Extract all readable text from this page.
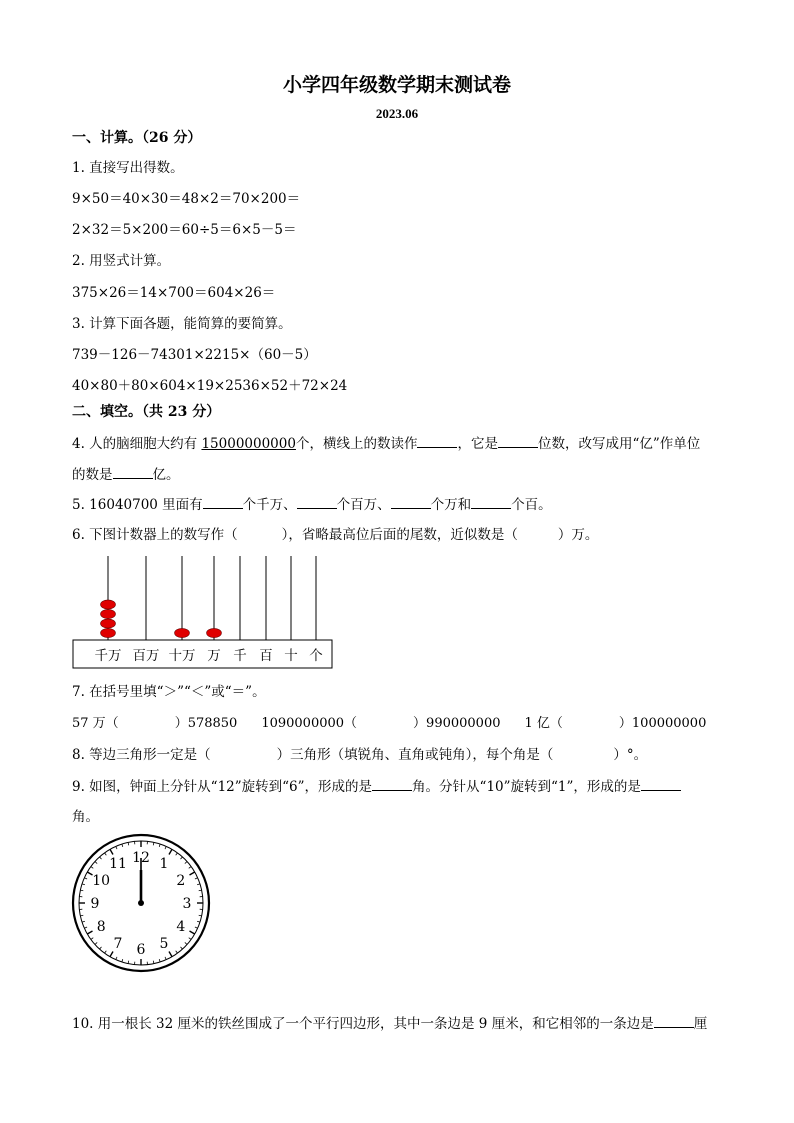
小学四年级数学期末测试卷
2023.06
一、计算。（26 分）
1. 直接写出得数。
9×50＝40×30＝48×2＝70×200＝
2×32＝5×200＝60÷5＝6×5－5＝
2. 用竖式计算。
375×26＝14×700＝604×26＝
3. 计算下面各题，能简算的要简算。
739－126－74301×2215×（60－5）
40×80＋80×604×19×2536×52＋72×24
二、填空。（共 23 分）
4. 人的脑细胞大约有 15000000000个，横线上的数读作	，它是	位数，改写成用“亿”作单位
的数是	亿。
5. 16040700 里面有	个千万、	个百万、	个万和	个百。
6. 下图计数器上的数写作（	），省略最高位后面的尾数，近似数是（	）万。
千万 百万 十万 万 千 百 十 个
7. 在括号里填“＞”“＜”或“＝”。
57 万（	）578850 1090000000（	）990000000 1 亿（	）100000000
8. 等边三角形一定是（	）三角形（填锐角、直角或钝角），每个角是（	）°。
9. 如图，钟面上分针从“12”旋转到“6”，形成的是	角。分针从“10”旋转到“1”，形成的是
角。
12 1
2
3
4
5
6
7
8
9
10
11
10. 用一根长 32 厘米的铁丝围成了一个平行四边形，其中一条边是 9 厘米，和它相邻的一条边是	厘
